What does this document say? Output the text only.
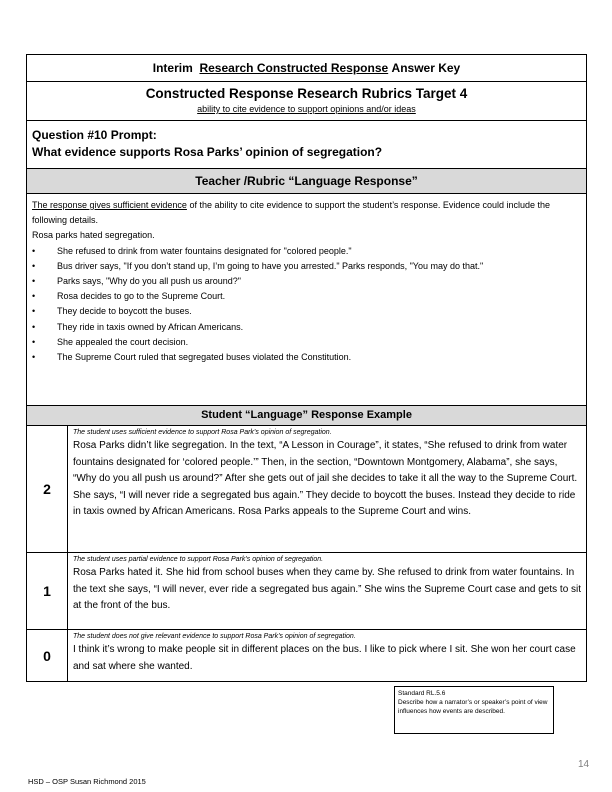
Interim
Research Constructed Response
Answer Key
Constructed Response Research Rubrics Target 4
ability to cite evidence to support opinions and/or ideas
Question #10 Prompt:
What evidence supports Rosa Parks’ opinion of segregation?
Teacher /Rubric “Language Response”
The response gives sufficient evidence of the ability to cite evidence to support the student’s response. Evidence could include the following details.
Rosa parks hated segregation.
•	She refused to drink from water fountains designated for "colored people."
•	Bus driver says, "If you don’t stand up, I’m going to have you arrested." Parks responds, "You may do that."
•	Parks says, "Why do you all push us around?"
•	Rosa decides to go to the Supreme Court.
•	They decide to boycott the buses.
•	They ride in taxis owned by African Americans.
•	She appealed the court decision.
•	The Supreme Court ruled that segregated buses violated the Constitution.
Student “Language” Response Example
2
The student uses sufficient evidence to support Rosa Park’s opinion of segregation.
Rosa Parks didn’t like segregation. In the text, “A Lesson in Courage”, it states, “She refused to drink from water fountains designated for ‘colored people.’” Then, in the section, “Downtown Montgomery, Alabama”, she says, “Why do you all push us around?” After she gets out of jail she decides to take it all the way to the Supreme Court. She says, “I will never ride a segregated bus again.” They decide to boycott the buses. Instead they decide to ride in taxis owned by African Americans. Rosa Parks appeals to the Supreme Court and wins.
1
The student uses partial evidence to support Rosa Park’s opinion of segregation.
Rosa Parks hated it. She hid from school buses when they came by. She refused to drink from water fountains. In the text she says, “I will never, ever ride a segregated bus again.” She wins the Supreme Court case and gets to sit at the front of the bus.
0
The student does not give relevant evidence to support Rosa Park’s opinion of segregation.
I think it’s wrong to make people sit in different places on the bus. I like to pick where I sit. She won her court case and sat where she wanted.
Standard RL.5.6
Describe how a narrator’s or speaker’s point of view influences how events are described.
14
HSD – OSP Susan Richmond 2015
